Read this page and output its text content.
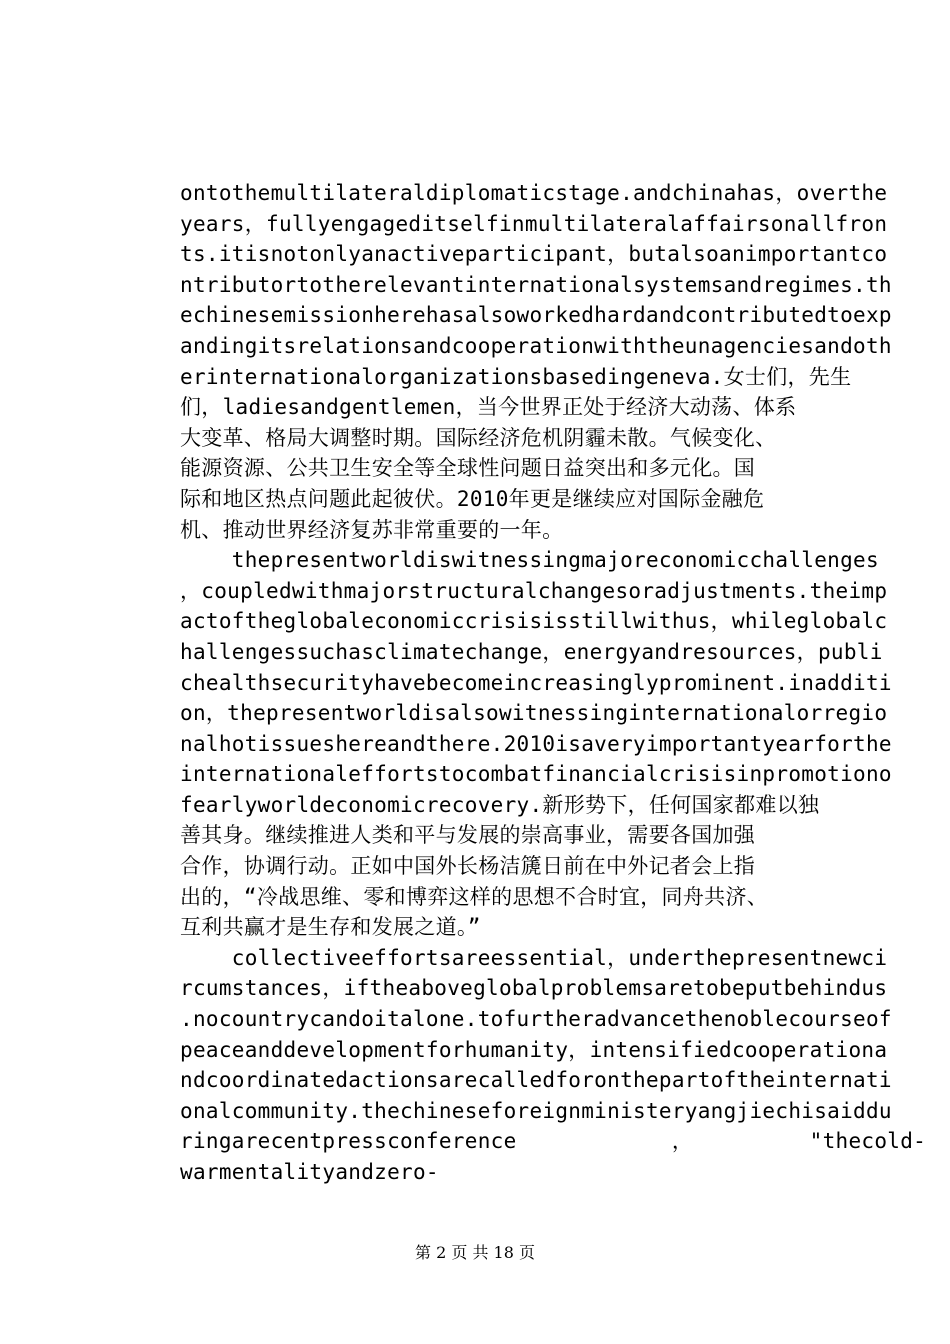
ontothemultilateraldiplomaticstage.andchinahas，overthe
years，fullyengageditselfinmultilateralaffairsonallfron
ts.itisnotonlyanactiveparticipant，butalsoanimportantco
ntributortotherelevantinternationalsystemsandregimes.th
echinesemissionherehasalsoworkedhardandcontributedtoexp
andingitsrelationsandcooperationwiththeunagenciesandoth
erinternationalorganizationsbasedingeneva.女士们，先生
们，ladiesandgentlemen，当今世界正处于经济大动荡、体系
大变革、格局大调整时期。国际经济危机阴霾未散。气候变化、
能源资源、公共卫生安全等全球性问题日益突出和多元化。国
际和地区热点问题此起彼伏。2010年更是继续应对国际金融危
机、推动世界经济复苏非常重要的一年。
thepresentworldiswitnessingmajoreconomicchallenges
，coupledwithmajorstructuralchangesoradjustments.theimp
actoftheglobaleconomiccrisisisstillwithus，whileglobalc
hallengessuchasclimatechange，energyandresources，publi
chealthsecurityhavebecomeincreasinglyprominent.inadditi
on，thepresentworldisalsowitnessinginternationalorregio
nalhotissueshereandthere.2010isaveryimportantyearforthe
internationaleffortstocombatfinancialcrisisinpromotiono
fearlyworldeconomicrecovery.新形势下，任何国家都难以独
善其身。继续推进人类和平与发展的崇高事业，需要各国加强
合作，协调行动。正如中国外长杨洁篪日前在中外记者会上指
出的，“冷战思维、零和博弈这样的思想不合时宜，同舟共济、
互利共赢才是生存和发展之道。”
collectiveeffortsareessential，underthepresentnewci
rcumstances，iftheaboveglobalproblemsaretobeputbehindus
.nocountrycandoitalone.tofurtheradvancethenoblecourseof
peaceanddevelopmentforhumanity，intensifiedcooperationa
ndcoordinatedactionsarecalledforonthepartoftheinternati
onalcommunity.thechineseforeignministeryangjiechisaiddu
ringarecentpressconference            ，         "thecold-
warmentalityandzero-
第 2 页 共 18 页
